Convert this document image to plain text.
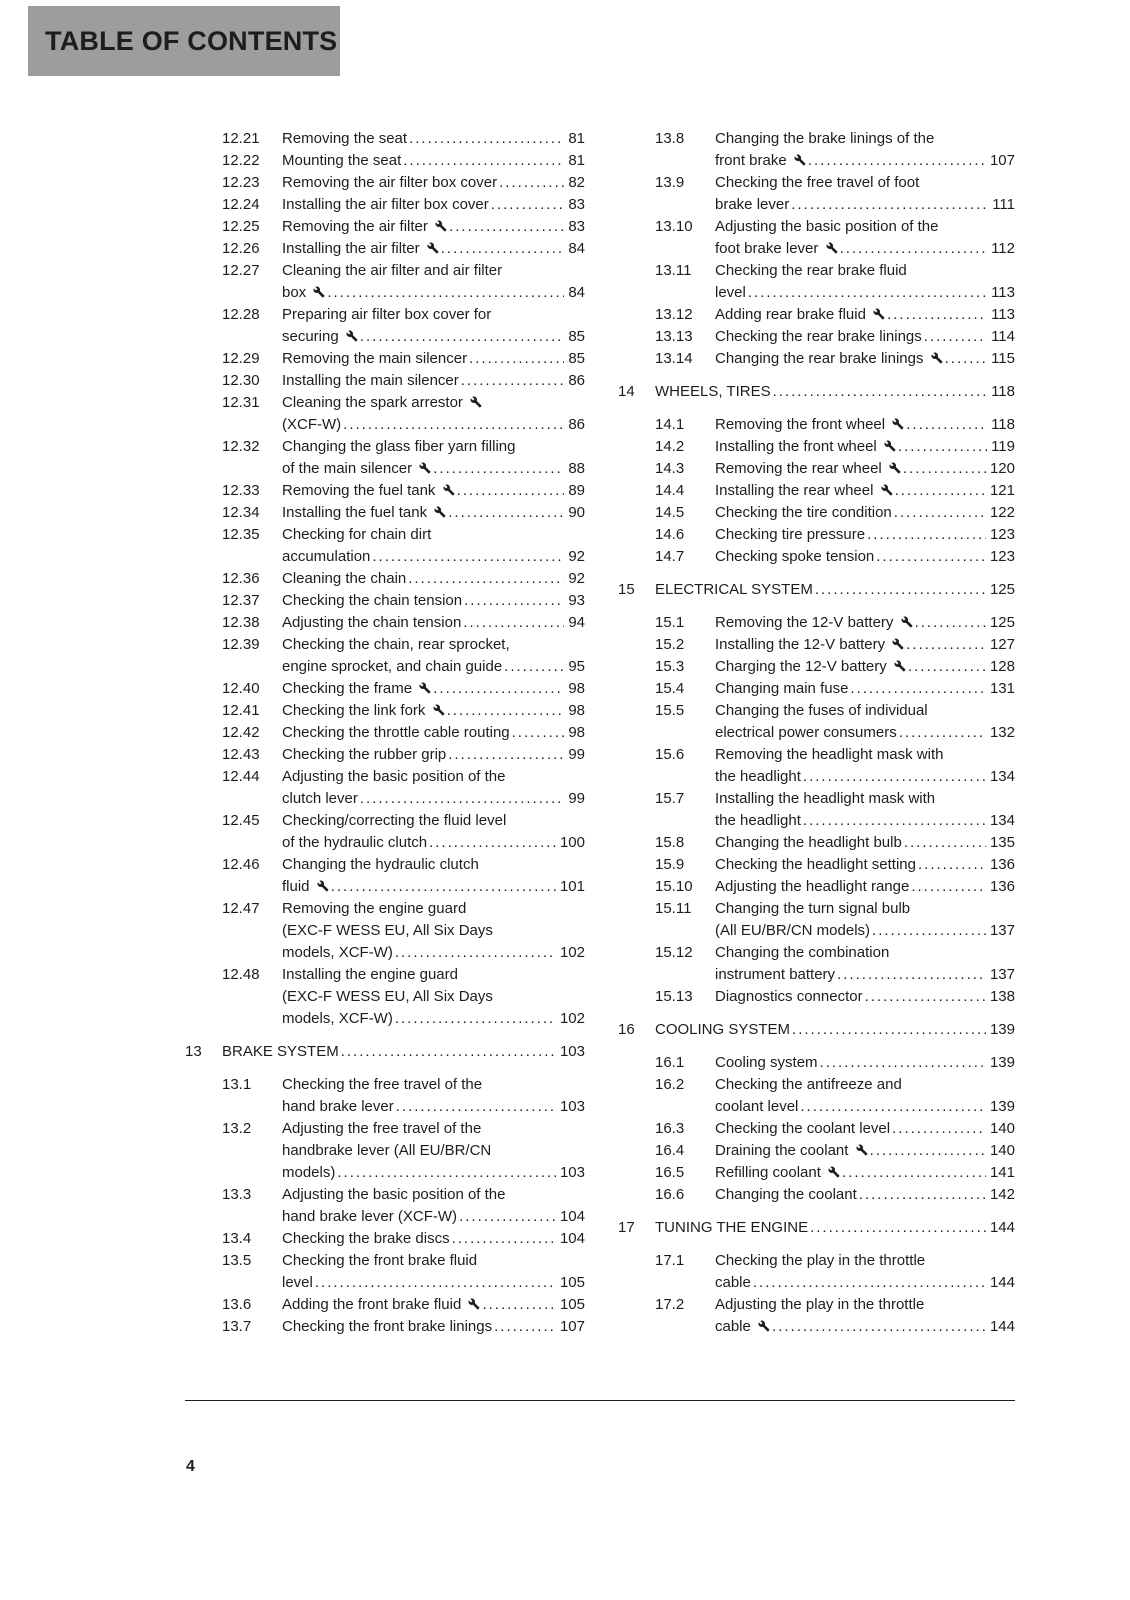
TABLE OF CONTENTS
12.21	Removing the seat .....	81
12.22	Mounting the seat .....	81
12.23	Removing the air filter box cover .....	82
12.24	Installing the air filter box cover .....	83
12.25	Removing the air filter .....	83
12.26	Installing the air filter .....	84
12.27	Cleaning the air filter and air filter
box .....	84
12.28	Preparing air filter box cover for
securing .....	85
12.29	Removing the main silencer .....	85
12.30	Installing the main silencer .....	86
12.31	Cleaning the spark arrestor
(XCF-W) .....	86
12.32	Changing the glass fiber yarn filling
of the main silencer .....	88
12.33	Removing the fuel tank .....	89
12.34	Installing the fuel tank .....	90
12.35	Checking for chain dirt
accumulation .....	92
12.36	Cleaning the chain .....	92
12.37	Checking the chain tension .....	93
12.38	Adjusting the chain tension .....	94
12.39	Checking the chain, rear sprocket,
engine sprocket, and chain guide .....	95
12.40	Checking the frame .....	98
12.41	Checking the link fork .....	98
12.42	Checking the throttle cable routing .....	98
12.43	Checking the rubber grip .....	99
12.44	Adjusting the basic position of the
clutch lever .....	99
12.45	Checking/correcting the fluid level
of the hydraulic clutch .....	100
12.46	Changing the hydraulic clutch
fluid .....	101
12.47	Removing the engine guard
(EXC-F WESS EU, All Six Days
models, XCF-W) .....	102
12.48	Installing the engine guard
(EXC-F WESS EU, All Six Days
models, XCF-W) .....	102
13	BRAKE SYSTEM .....	103
13.1	Checking the free travel of the
hand brake lever .....	103
13.2	Adjusting the free travel of the
handbrake lever (All EU/BR/CN
models) .....	103
13.3	Adjusting the basic position of the
hand brake lever (XCF-W) .....	104
13.4	Checking the brake discs .....	104
13.5	Checking the front brake fluid
level .....	105
13.6	Adding the front brake fluid .....	105
13.7	Checking the front brake linings .....	107
13.8	Changing the brake linings of the
front brake .....	107
13.9	Checking the free travel of foot
brake lever .....	111
13.10	Adjusting the basic position of the
foot brake lever .....	112
13.11	Checking the rear brake fluid
level .....	113
13.12	Adding rear brake fluid .....	113
13.13	Checking the rear brake linings .....	114
13.14	Changing the rear brake linings .....	115
14	WHEELS, TIRES .....	118
14.1	Removing the front wheel .....	118
14.2	Installing the front wheel .....	119
14.3	Removing the rear wheel .....	120
14.4	Installing the rear wheel .....	121
14.5	Checking the tire condition .....	122
14.6	Checking tire pressure .....	123
14.7	Checking spoke tension .....	123
15	ELECTRICAL SYSTEM .....	125
15.1	Removing the 12-V battery .....	125
15.2	Installing the 12-V battery .....	127
15.3	Charging the 12-V battery .....	128
15.4	Changing main fuse .....	131
15.5	Changing the fuses of individual
electrical power consumers .....	132
15.6	Removing the headlight mask with
the headlight .....	134
15.7	Installing the headlight mask with
the headlight .....	134
15.8	Changing the headlight bulb .....	135
15.9	Checking the headlight setting .....	136
15.10	Adjusting the headlight range .....	136
15.11	Changing the turn signal bulb
(All EU/BR/CN models) .....	137
15.12	Changing the combination
instrument battery .....	137
15.13	Diagnostics connector .....	138
16	COOLING SYSTEM .....	139
16.1	Cooling system .....	139
16.2	Checking the antifreeze and
coolant level .....	139
16.3	Checking the coolant level .....	140
16.4	Draining the coolant .....	140
16.5	Refilling coolant .....	141
16.6	Changing the coolant .....	142
17	TUNING THE ENGINE .....	144
17.1	Checking the play in the throttle
cable .....	144
17.2	Adjusting the play in the throttle
cable .....	144
4
